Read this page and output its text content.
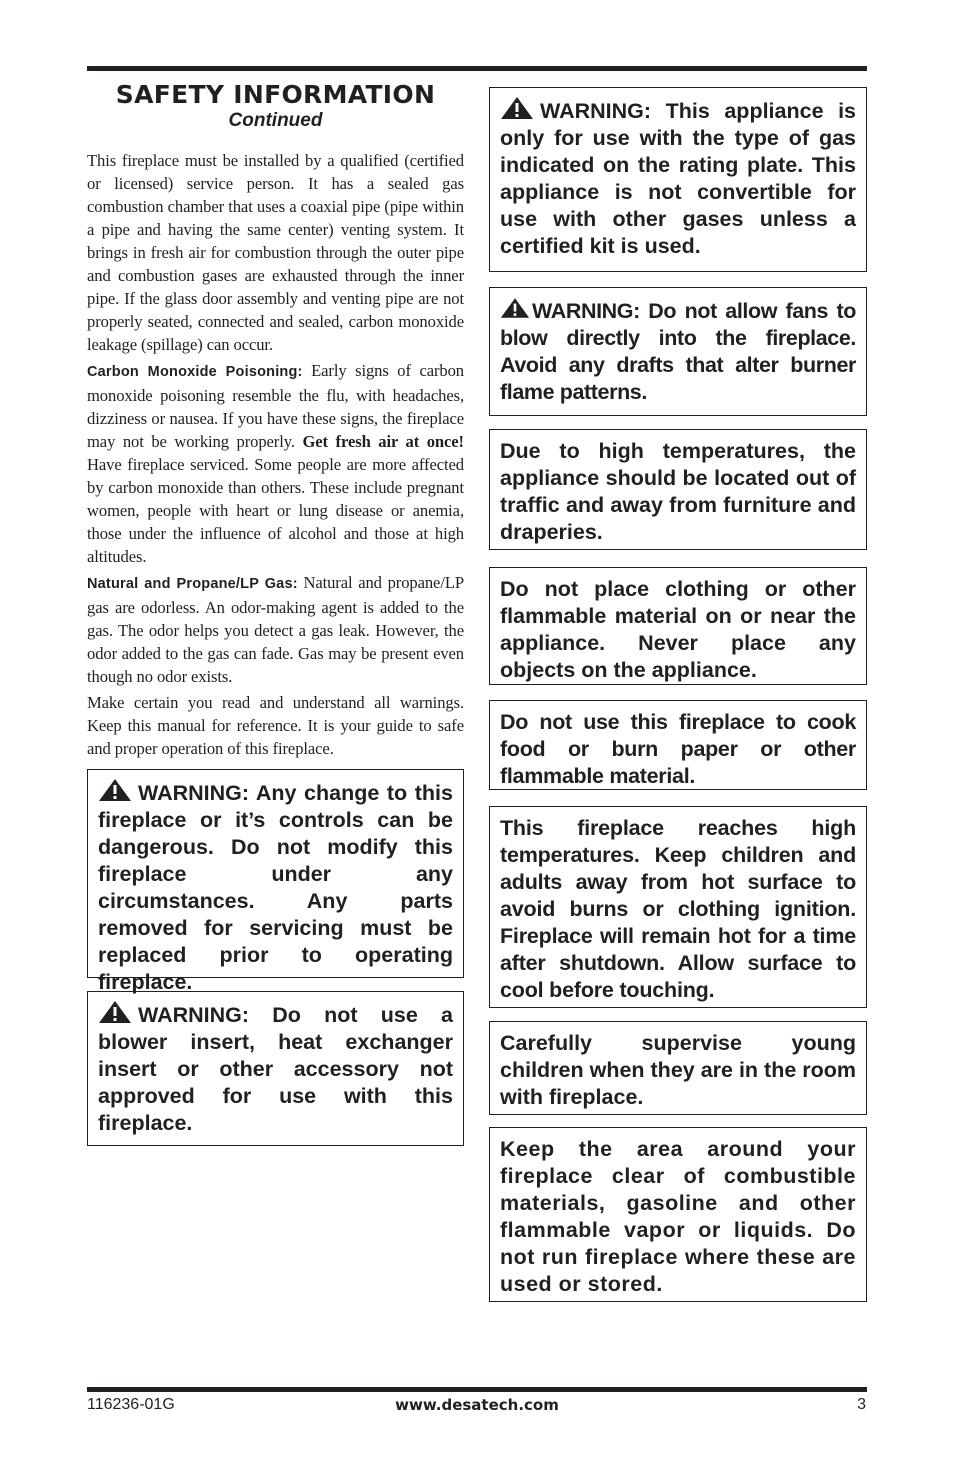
SAFETY INFORMATION
Continued

This fireplace must be installed by a qualified (certified or licensed) service person. It has a sealed gas combustion chamber that uses a coaxial pipe (pipe within a pipe and having the same center) venting system. It brings in fresh air for combustion through the outer pipe and combustion gases are exhausted through the inner pipe. If the glass door assembly and venting pipe are not properly seated, connected and sealed, carbon monoxide leakage (spillage) can occur.

Carbon Monoxide Poisoning: Early signs of carbon monoxide poisoning resemble the flu, with headaches, dizziness or nausea. If you have these signs, the fireplace may not be working properly. Get fresh air at once! Have fireplace serviced. Some people are more affected by carbon monoxide than others. These include pregnant women, people with heart or lung disease or anemia, those under the influence of alcohol and those at high altitudes.

Natural and Propane/LP Gas: Natural and propane/LP gas are odorless. An odor-making agent is added to the gas. The odor helps you detect a gas leak. However, the odor added to the gas can fade. Gas may be present even though no odor exists.

Make certain you read and understand all warnings. Keep this manual for reference. It is your guide to safe and proper operation of this fireplace.

WARNING: Any change to this fireplace or it’s controls can be dangerous. Do not modify this fireplace under any circumstances. Any parts removed for servicing must be replaced prior to operating fireplace.
WARNING: Do not use a blower insert, heat exchanger insert or other accessory not approved for use with this fireplace.
WARNING: This appliance is only for use with the type of gas indicated on the rating plate. This appliance is not convertible for use with other gases unless a certified kit is used.
WARNING: Do not allow fans to blow directly into the fireplace. Avoid any drafts that alter burner flame patterns.
Due to high temperatures, the appliance should be located out of traffic and away from furniture and draperies.
Do not place clothing or other flammable material on or near the appliance. Never place any objects on the appliance.
Do not use this fireplace to cook food or burn paper or other flammable material.
This fireplace reaches high temperatures. Keep children and adults away from hot surface to avoid burns or clothing ignition. Fireplace will remain hot for a time after shutdown. Allow surface to cool before touching.
Carefully supervise young children when they are in the room with fireplace.
Keep the area around your fireplace clear of combustible materials, gasoline and other flammable vapor or liquids. Do not run fireplace where these are used or stored.
116236-01G	www.desatech.com	3
